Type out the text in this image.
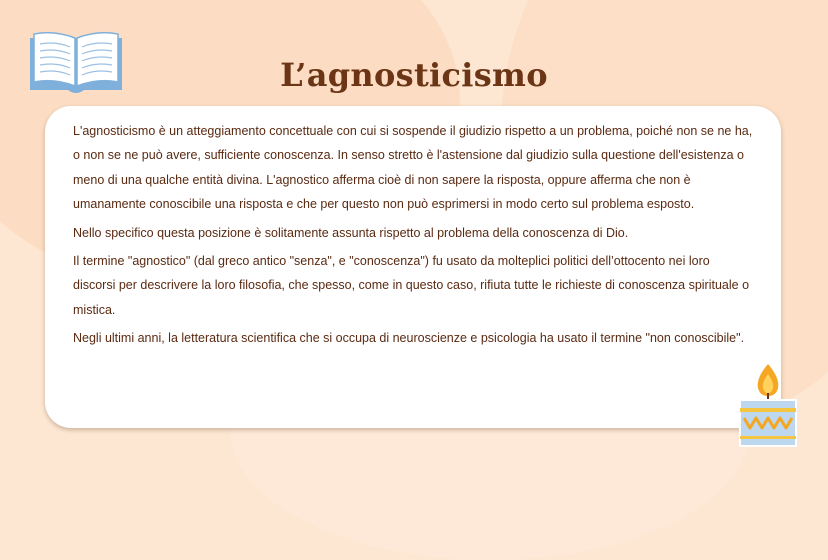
L’agnosticismo

L'agnosticismo è un atteggiamento concettuale con cui si sospende il giudizio rispetto a un problema, poiché non se ne ha, o non se ne può avere, sufficiente conoscenza. In senso stretto è l'astensione dal giudizio sulla questione dell'esistenza o meno di una qualche entità divina. L'agnostico afferma cioè di non sapere la risposta, oppure afferma che non è umanamente conoscibile una risposta e che per questo non può esprimersi in modo certo sul problema esposto.

Nello specifico questa posizione è solitamente assunta rispetto al problema della conoscenza di Dio.

Il termine "agnostico" (dal greco antico "senza", e "conoscenza") fu usato da molteplici politici dell’ottocento nei loro discorsi per descrivere la loro filosofia, che spesso, come in questo caso, rifiuta tutte le richieste di conoscenza spirituale o mistica.

Negli ultimi anni, la letteratura scientifica che si occupa di neuroscienze e psicologia ha usato il termine "non conoscibile".
